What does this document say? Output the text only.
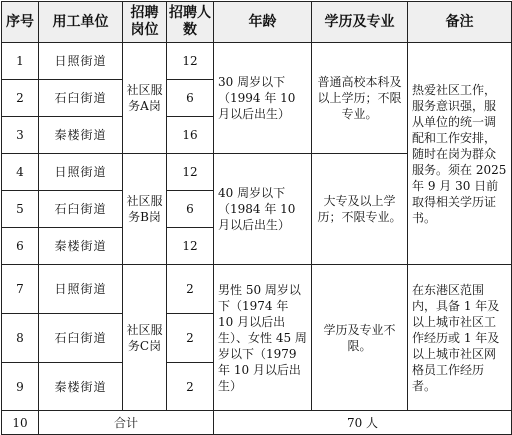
序号	用工单位	招聘岗位	招聘人数	年龄	学历及专业	备注
1	日照街道	社区服务A岗	12	30 周岁以下（1994 年 10 月以后出生）	普通高校本科及以上学历；不限专业。	热爱社区工作，服务意识强，服从单位的统一调配和工作安排，随时在岗为群众服务。须在 2025 年 9 月 30 日前取得相关学历证书。
2	石臼街道		6			
3	秦楼街道		16			
4	日照街道	社区服务B岗	12	40 周岁以下（1984 年 10 月以后出生）	大专及以上学历；不限专业。	
5	石臼街道		6			
6	秦楼街道		12			
7	日照街道	社区服务C岗	2	男性 50 周岁以下（1974 年 10 月以后出生）、女性 45 周岁以下（1979 年 10 月以后出生）	学历及专业不限。	在东港区范围内，具备 1 年及以上城市社区工作经历或 1 年及以上城市社区网格员工作经历者。
8	石臼街道		2			
9	秦楼街道		2			
10	合计			70 人		
